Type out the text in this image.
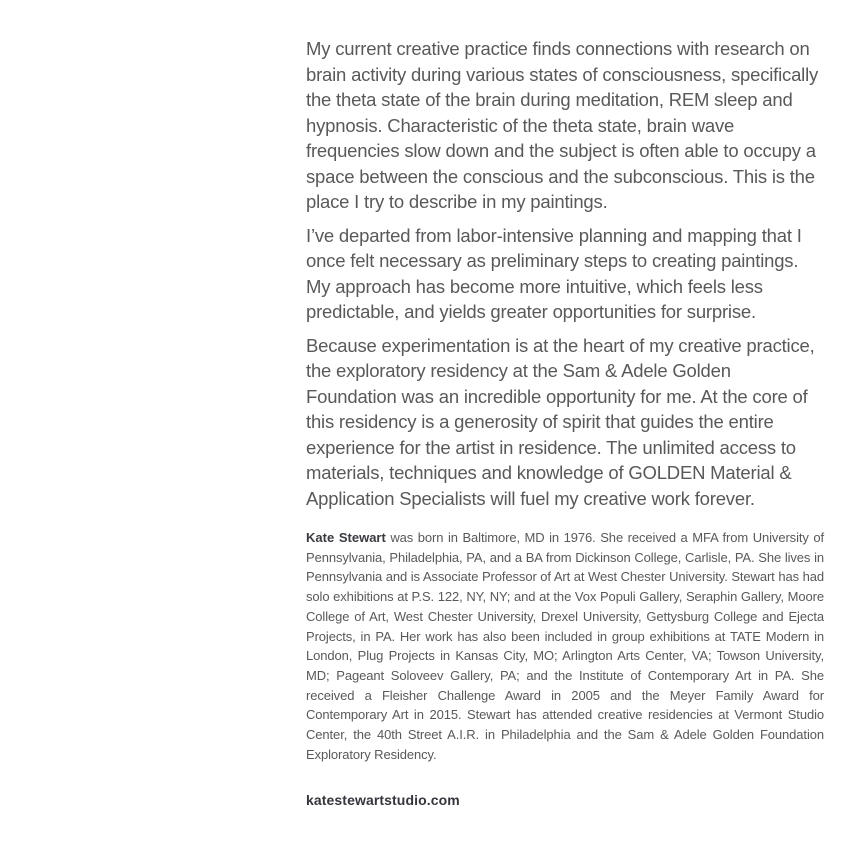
My current creative practice finds connections with research on brain activity during various states of consciousness, specifically the theta state of the brain during meditation, REM sleep and hypnosis. Characteristic of the theta state, brain wave frequencies slow down and the subject is often able to occupy a space between the conscious and the subconscious. This is the place I try to describe in my paintings.

I’ve departed from labor-intensive planning and mapping that I once felt necessary as preliminary steps to creating paintings. My approach has become more intuitive, which feels less predictable, and yields greater opportunities for surprise.

Because experimentation is at the heart of my creative practice, the exploratory residency at the Sam & Adele Golden Foundation was an incredible opportunity for me. At the core of this residency is a generosity of spirit that guides the entire experience for the artist in residence. The unlimited access to materials, techniques and knowledge of GOLDEN Material & Application Specialists will fuel my creative work forever.

Kate Stewart was born in Baltimore, MD in 1976. She received a MFA from University of Pennsylvania, Philadelphia, PA, and a BA from Dickinson College, Carlisle, PA. She lives in Pennsylvania and is Associate Professor of Art at West Chester University. Stewart has had solo exhibitions at P.S. 122, NY, NY; and at the Vox Populi Gallery, Seraphin Gallery, Moore College of Art, West Chester University, Drexel University, Gettysburg College and Ejecta Projects, in PA. Her work has also been included in group exhibitions at TATE Modern in London, Plug Projects in Kansas City, MO; Arlington Arts Center, VA; Towson University, MD; Pageant Soloveev Gallery, PA; and the Institute of Contemporary Art in PA. She received a Fleisher Challenge Award in 2005 and the Meyer Family Award for Contemporary Art in 2015. Stewart has attended creative residencies at Vermont Studio Center, the 40th Street A.I.R. in Philadelphia and the Sam & Adele Golden Foundation Exploratory Residency.
katestewartstudio.com
